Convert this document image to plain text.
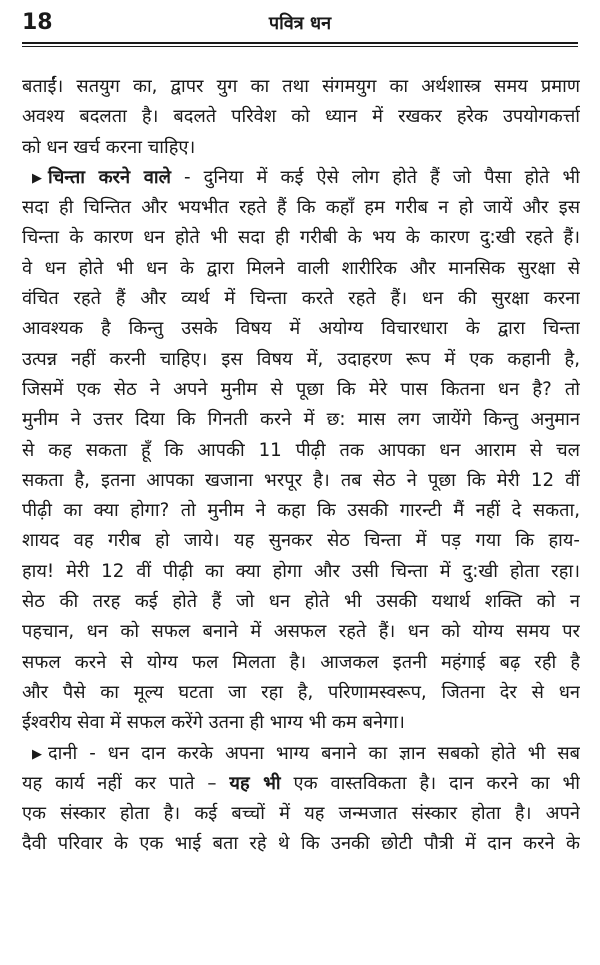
18	पवित्र धन
बताईं। सतयुग का, द्वापर युग का तथा संगमयुग का अर्थशास्त्र समय प्रमाण
अवश्य बदलता है। बदलते परिवेश को ध्यान में रखकर हरेक उपयोगकर्त्ता
को धन खर्च करना चाहिए।
▶ चिन्ता करने वाले - दुनिया में कई ऐसे लोग होते हैं जो पैसा होते भी
सदा ही चिन्तित और भयभीत रहते हैं कि कहाँ हम गरीब न हो जायें और इस
चिन्ता के कारण धन होते भी सदा ही गरीबी के भय के कारण दु:खी रहते हैं।
वे धन होते भी धन के द्वारा मिलने वाली शारीरिक और मानसिक सुरक्षा से
वंचित रहते हैं और व्यर्थ में चिन्ता करते रहते हैं। धन की सुरक्षा करना
आवश्यक है किन्तु उसके विषय में अयोग्य विचारधारा के द्वारा चिन्ता
उत्पन्न नहीं करनी चाहिए। इस विषय में, उदाहरण रूप में एक कहानी है,
जिसमें एक सेठ ने अपने मुनीम से पूछा कि मेरे पास कितना धन है? तो
मुनीम ने उत्तर दिया कि गिनती करने में छ: मास लग जायेंगे किन्तु अनुमान
से कह सकता हूँ कि आपकी 11 पीढ़ी तक आपका धन आराम से चल
सकता है, इतना आपका खजाना भरपूर है। तब सेठ ने पूछा कि मेरी 12 वीं
पीढ़ी का क्या होगा? तो मुनीम ने कहा कि उसकी गारन्टी मैं नहीं दे सकता,
शायद वह गरीब हो जाये। यह सुनकर सेठ चिन्ता में पड़ गया कि हाय-
हाय! मेरी 12 वीं पीढ़ी का क्या होगा और उसी चिन्ता में दु:खी होता रहा।
सेठ की तरह कई होते हैं जो धन होते भी उसकी यथार्थ शक्ति को न
पहचान, धन को सफल बनाने में असफल रहते हैं। धन को योग्य समय पर
सफल करने से योग्य फल मिलता है। आजकल इतनी महंगाई बढ़ रही है
और पैसे का मूल्य घटता जा रहा है, परिणामस्वरूप, जितना देर से धन
ईश्वरीय सेवा में सफल करेंगे उतना ही भाग्य भी कम बनेगा।
▶ दानी - धन दान करके अपना भाग्य बनाने का ज्ञान सबको होते भी सब
यह कार्य नहीं कर पाते – यह भी एक वास्तविकता है। दान करने का भी
एक संस्कार होता है। कई बच्चों में यह जन्मजात संस्कार होता है। अपने
दैवी परिवार के एक भाई बता रहे थे कि उनकी छोटी पौत्री में दान करने के
